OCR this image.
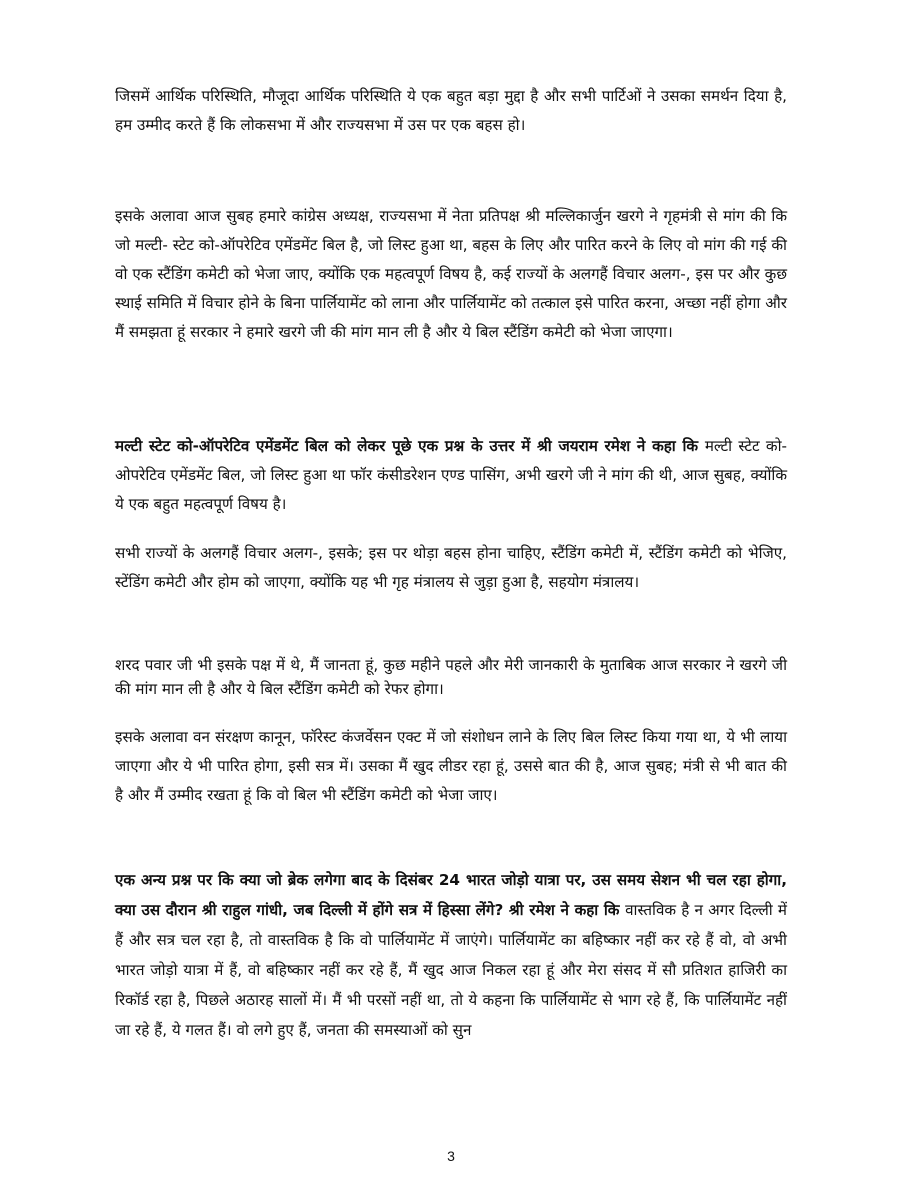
जिसमें आर्थिक परिस्थिति, मौजूदा आर्थिक परिस्थिति ये एक बहुत बड़ा मुद्दा है और सभी पार्टिओं ने उसका समर्थन दिया है, हम उम्मीद करते हैं कि लोकसभा में और राज्यसभा में उस पर एक बहस हो।

इसके अलावा आज सुबह हमारे कांग्रेस अध्यक्ष, राज्यसभा में नेता प्रतिपक्ष श्री मल्लिकार्जुन खरगे ने गृहमंत्री से मांग की कि जो मल्टी- स्टेट को-ऑपरेटिव एमेंडमेंट बिल है, जो लिस्ट हुआ था, बहस के लिए और पारित करने के लिए वो मांग की गई की वो एक स्टैंडिंग कमेटी को भेजा जाए, क्योंकि एक महत्वपूर्ण विषय है, कई राज्यों के अलगहैं विचार अलग-, इस पर और कुछ स्थाई समिति में विचार होने के बिना पार्लियामेंट को लाना और पार्लियामेंट को तत्काल इसे पारित करना, अच्छा नहीं होगा और मैं समझता हूं सरकार ने हमारे खरगे जी की मांग मान ली है और ये बिल स्टैंडिंग कमेटी को भेजा जाएगा।

मल्टी स्टेट को-ऑपरेटिव एमेंडमेंट बिल को लेकर पूछे एक प्रश्न के उत्तर में श्री जयराम रमेश ने कहा कि मल्टी स्टेट को-ओपरेटिव एमेंडमेंट बिल, जो लिस्ट हुआ था फॉर कंसीडरेशन एण्ड पासिंग, अभी खरगे जी ने मांग की थी, आज सुबह, क्योंकि ये एक बहुत महत्वपूर्ण विषय है।

सभी राज्यों के अलगहैं विचार अलग-, इसके; इस पर थोड़ा बहस होना चाहिए, स्टैंडिंग कमेटी में, स्टैंडिंग कमेटी को भेजिए, स्टेंडिंग कमेटी और होम को जाएगा, क्योंकि यह भी गृह मंत्रालय से जुड़ा हुआ है, सहयोग मंत्रालय।

शरद पवार जी भी इसके पक्ष में थे, मैं जानता हूं, कुछ महीने पहले और मेरी जानकारी के मुताबिक आज सरकार ने खरगे जी की मांग मान ली है और ये बिल स्टैंडिंग कमेटी को रेफर होगा।

इसके अलावा वन संरक्षण कानून, फॉरेस्ट कंजर्वेसन एक्ट में जो संशोधन लाने के लिए बिल लिस्ट किया गया था, ये भी लाया जाएगा और ये भी पारित होगा, इसी सत्र में। उसका मैं खुद लीडर रहा हूं, उससे बात की है, आज सुबह; मंत्री से भी बात की है और मैं उम्मीद रखता हूं कि वो बिल भी स्टैंडिंग कमेटी को भेजा जाए।

एक अन्य प्रश्न पर कि क्या जो ब्रेक लगेगा बाद के दिसंबर 24 भारत जोड़ो यात्रा पर, उस समय सेशन भी चल रहा होगा, क्या उस दौरान श्री राहुल गांधी, जब दिल्ली में होंगे सत्र में हिस्सा लेंगे? श्री रमेश ने कहा कि वास्तविक है न अगर दिल्ली में हैं और सत्र चल रहा है, तो वास्तविक है कि वो पार्लियामेंट में जाएंगे। पार्लियामेंट का बहिष्कार नहीं कर रहे हैं वो, वो अभी भारत जोड़ो यात्रा में हैं, वो बहिष्कार नहीं कर रहे हैं, मैं खुद आज निकल रहा हूं और मेरा संसद में सौ प्रतिशत हाजिरी का रिकॉर्ड रहा है, पिछले अठारह सालों में। मैं भी परसों नहीं था, तो ये कहना कि पार्लियामेंट से भाग रहे हैं, कि पार्लियामेंट नहीं जा रहे हैं, ये गलत हैं। वो लगे हुए हैं, जनता की समस्याओं को सुन

3
